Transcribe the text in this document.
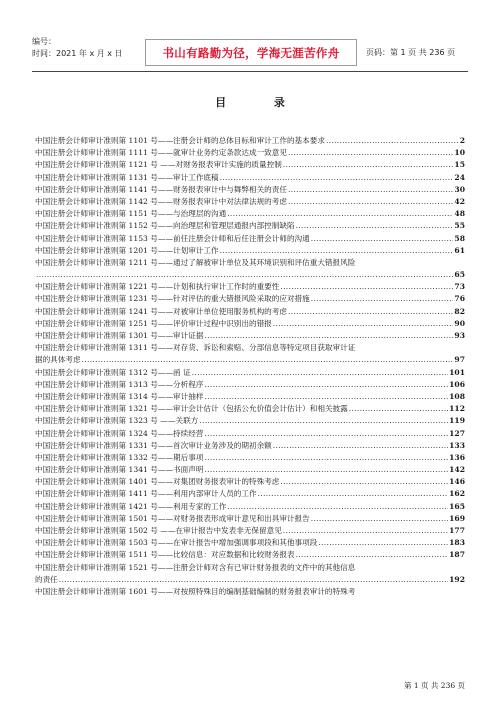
编号：
时间：2021 年 x 月 x 日	书山有路勤为径，学海无涯苦作舟	页码：第 1 页 共 236 页
目 录
中国注册会计师审计准则第 1101 号——注册会计师的总体目标和审计工作的基本要求 .....	2
中国注册会计师审计准则第 1111 号——就审计业务约定条款达成一致意见 .....	10
中国注册会计师审计准则第 1121 号 ——对财务报表审计实施的质量控制 .....	15
中国注册会计师审计准则第 1131 号——审计工作底稿 .....	24
中国注册会计师审计准则第 1141 号——财务报表审计中与舞弊相关的责任 .....	30
中国注册会计师审计准则第 1142 号——财务报表审计中对法律法规的考虑 .....	42
中国注册会计师审计准则第 1151 号——与治理层的沟通 .....	48
中国注册会计师审计准则第 1152 号——向治理层和管理层通报内部控制缺陷 .....	55
中国注册会计师审计准则第 1153 号——前任注册会计师和后任注册会计师的沟通 .....	58
中国注册会计师审计准则第 1201 号——计划审计工作 .....	61
中国注册会计师审计准则第 1211 号——通过了解被审计单位及其环境识别和评估重大错报风险
.....
65
中国注册会计师审计准则第 1221 号——计划和执行审计工作时的重要性 .....	73
中国注册会计师审计准则第 1231 号——针对评估的重大错报风险采取的应对措施 .....	76
中国注册会计师审计准则第 1241 号——对被审计单位使用服务机构的考虑 .....	82
中国注册会计师审计准则第 1251 号——评价审计过程中识别出的错报 .....	90
中国注册会计师审计准则第 1301 号——审计证据 .....	93
中国注册会计师审计准则第 1311 号——对存货、诉讼和索赔、分部信息等特定项目获取审计证
据的具体考虑 .....	97
中国注册会计师审计准则第 1312 号——函 证 .....	101
中国注册会计师审计准则第 1313 号——分析程序 .....	106
中国注册会计师审计准则第 1314 号——审计抽样 .....	108
中国注册会计师审计准则第 1321 号——审计会计估计（包括公允价值会计估计）和相关披露 .....	112
中国注册会计师审计准则第 1323 号 ——关联方 .....	119
中国注册会计师审计准则第 1324 号——持续经营 .....	127
中国注册会计师审计准则第 1331 号——首次审计业务涉及的期初余额 .....	133
中国注册会计师审计准则第 1332 号——期后事项 .....	136
中国注册会计师审计准则第 1341 号——书面声明 .....	142
中国注册会计师审计准则第 1401 号——对集团财务报表审计的特殊考虑 .....	146
中国注册会计师审计准则第 1411 号——利用内部审计人员的工作 .....	162
中国注册会计师审计准则第 1421 号——利用专家的工作 .....	165
中国注册会计师审计准则第 1501 号——对财务报表形成审计意见和出具审计报告 .....	169
中国注册会计师审计准则第 1502 号 ——在审计报告中发表非无保留意见 .....	177
中国注册会计师审计准则第 1503 号——在审计报告中增加强调事项段和其他事项段 .....	183
中国注册会计师审计准则第 1511 号——比较信息：对应数据和比较财务报表 .....	187
中国注册会计师审计准则第 1521 号——注册会计师对含有已审计财务报表的文件中的其他信息
的责任 .....	192
中国注册会计师审计准则第 1601 号——对按照特殊目的编制基础编制的财务报表审计的特殊考
第 1 页 共 236 页
